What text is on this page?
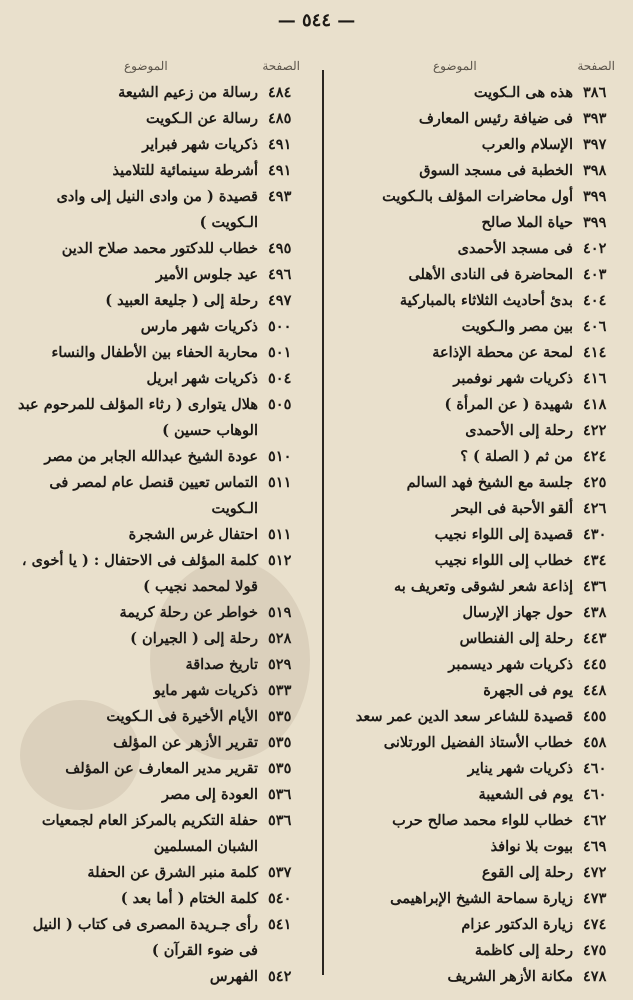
— ٥٤٤ —
الصفحة
الموضوع
٣٨٦
هذه هى الـكويت
٣٩٣
فى ضيافة رئيس المعارف
٣٩٧
الإسلام والعرب
٣٩٨
الخطبة فى مسجد السوق
٣٩٩
أول محاضرات المؤلف بالـكويت
٣٩٩
حياة الملا صالح
٤٠٢
فى مسجد الأحمدى
٤٠٣
المحاضرة فى النادى الأهلى
٤٠٤
بدئ أحاديث الثلاثاء بالمباركية
٤٠٦
بين مصر والـكويت
٤١٤
لمحة عن محطة الإذاعة
٤١٦
ذكريات شهر نوفمبر
٤١٨
شهيدة ( عن المرأة )
٤٢٢
رحلة إلى الأحمدى
٤٢٤
من ثم ( الصلة ) ؟
٤٢٥
جلسة مع الشيخ فهد السالم
٤٢٦
ألقو الأحبة فى البحر
٤٣٠
قصيدة إلى اللواء نجيب
٤٣٤
خطاب إلى اللواء نجيب
٤٣٦
إذاعة شعر لشوقى وتعريف به
٤٣٨
حول جهاز الإرسال
٤٤٣
رحلة إلى الفنطاس
٤٤٥
ذكريات شهر ديسمبر
٤٤٨
يوم فى الجهرة
٤٥٥
قصيدة للشاعر سعد الدين عمر سعد
٤٥٨
خطاب الأستاذ الفضيل الورتلانى
٤٦٠
ذكريات شهر يناير
٤٦٠
يوم فى الشعيبة
٤٦٢
خطاب للواء محمد صالح حرب
٤٦٩
بيوت بلا نوافذ
٤٧٢
رحلة إلى القوع
٤٧٣
زيارة سماحة الشيخ الإبراهيمى
٤٧٤
زيارة الدكتور عزام
٤٧٥
رحلة إلى كاظمة
٤٧٨
مكانة الأزهر الشريف
الصفحة
الموضوع
٤٨٤
رسالة من زعيم الشيعة
٤٨٥
رسالة عن الـكويت
٤٩١
ذكريات شهر فبراير
٤٩١
أشرطة سينمائية للتلاميذ
٤٩٣
قصيدة ( من وادى النيل إلى وادى الـكويت )
٤٩٥
خطاب للدكتور محمد صلاح الدين
٤٩٦
عيد جلوس الأمير
٤٩٧
رحلة إلى ( جليعة العبيد )
٥٠٠
ذكريات شهر مارس
٥٠١
محاربة الحفاء بين الأطفال والنساء
٥٠٤
ذكريات شهر ابريل
٥٠٥
هلال يتوارى ( رثاء المؤلف للمرحوم عبد الوهاب حسين )
٥١٠
عودة الشيخ عبدالله الجابر من مصر
٥١١
التماس تعيين قنصل عام لمصر فى الـكويت
٥١١
احتفال غرس الشجرة
٥١٢
كلمة المؤلف فى الاحتفال : ( يا أخوى ، قولا لمحمد نجيب )
٥١٩
خواطر عن رحلة كريمة
٥٢٨
رحلة إلى ( الجيران )
٥٢٩
تاريخ صداقة
٥٣٣
ذكريات شهر مايو
٥٣٥
الأيام الأخيرة فى الـكويت
٥٣٥
تقرير الأزهر عن المؤلف
٥٣٥
تقرير مدير المعارف عن المؤلف
٥٣٦
العودة إلى مصر
٥٣٦
حفلة التكريم بالمركز العام لجمعيات الشبان المسلمين
٥٣٧
كلمة منبر الشرق عن الحفلة
٥٤٠
كلمة الختام ( أما بعد )
٥٤١
رأى جـريدة المصرى فى كتاب ( النيل فى ضوء القرآن )
٥٤٢
الفهرس
